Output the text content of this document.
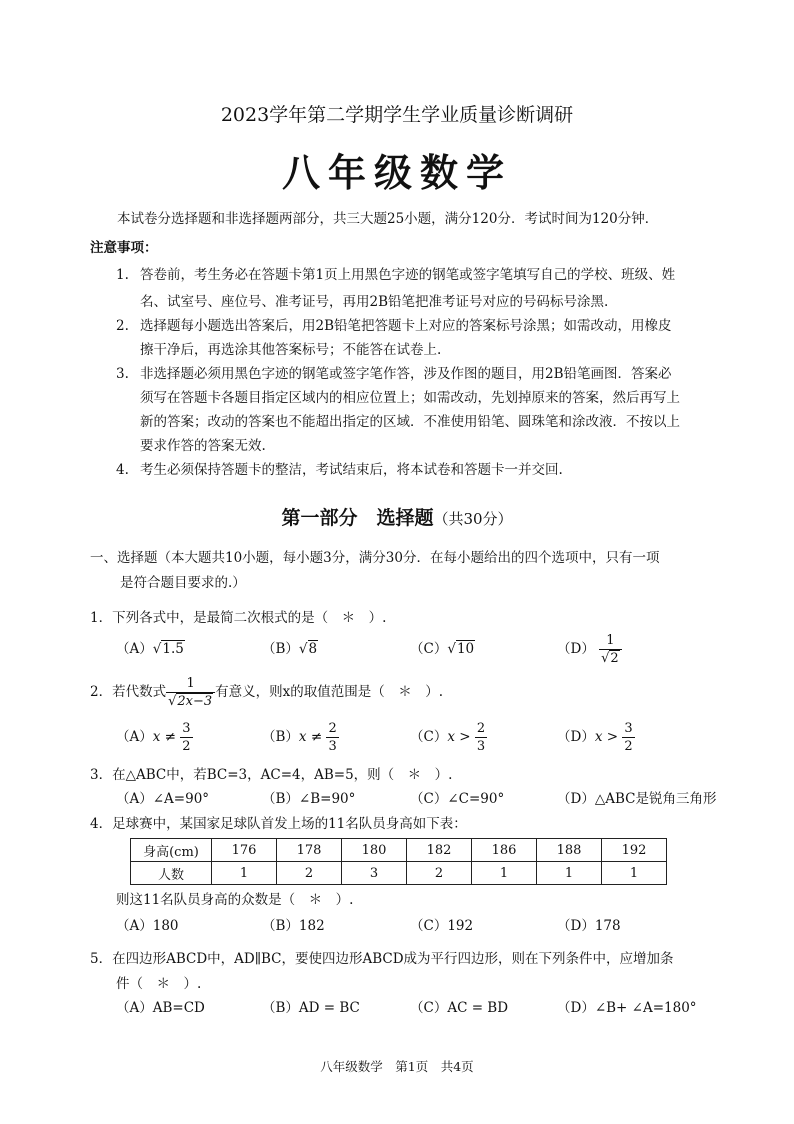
2023学年第二学期学生学业质量诊断调研
八年级数学
本试卷分选择题和非选择题两部分，共三大题25小题，满分120分．考试时间为120分钟．
注意事项：
1. 答卷前，考生务必在答题卡第1页上用黑色字迹的钢笔或签字笔填写自己的学校、班级、姓
名、试室号、座位号、准考证号，再用2B铅笔把准考证号对应的号码标号涂黑.
2. 选择题每小题选出答案后，用2B铅笔把答题卡上对应的答案标号涂黑；如需改动，用橡皮
擦干净后，再选涂其他答案标号；不能答在试卷上.
3. 非选择题必须用黑色字迹的钢笔或签字笔作答，涉及作图的题目，用2B铅笔画图．答案必
须写在答题卡各题目指定区域内的相应位置上；如需改动，先划掉原来的答案，然后再写上
新的答案；改动的答案也不能超出指定的区域．不准使用铅笔、圆珠笔和涂改液．不按以上
要求作答的答案无效.
4. 考生必须保持答题卡的整洁，考试结束后，将本试卷和答题卡一并交回.
第一部分　选择题（共30分）
一、选择题（本大题共10小题，每小题3分，满分30分．在每小题给出的四个选项中，只有一项
是符合题目要求的.）
1．下列各式中，是最简二次根式的是（　＊　）.
（A）√1.5	（B）√8	（C）√10	$(D) \frac{1}{√2}$
2．若代数式 $\frac{1}{√2x-3}$ 有意义，则x的取值范围是（　＊　）.
$(A)x \ne \frac{3}{2}$	$(B)x \ne \frac{2}{3}$	$(C)x > \frac{2}{3}$	$(D)x > \frac{3}{2}$
3．在△ABC中，若BC=3，AC=4，AB=5，则（　＊　）.
（A）∠A=90°	（B）∠B=90°	（C）∠C=90°	（D）△ABC是锐角三角形
4．足球赛中，某国家足球队首发上场的11名队员身高如下表：
身高(cm)	176	178	180	182	186	188	192
人数	1	2	3	2	1	1	1
则这11名队员身高的众数是（　＊　）.
（A）180	（B）182	（C）192	（D）178
5．在四边形ABCD中，AD∥BC，要使四边形ABCD成为平行四边形，则在下列条件中，应增加条
件（　＊　）.
（A）AB=CD	（B）AD = BC	（C）AC = BD	（D）∠B+ ∠A=180°
八年级数学　第1页　共4页
